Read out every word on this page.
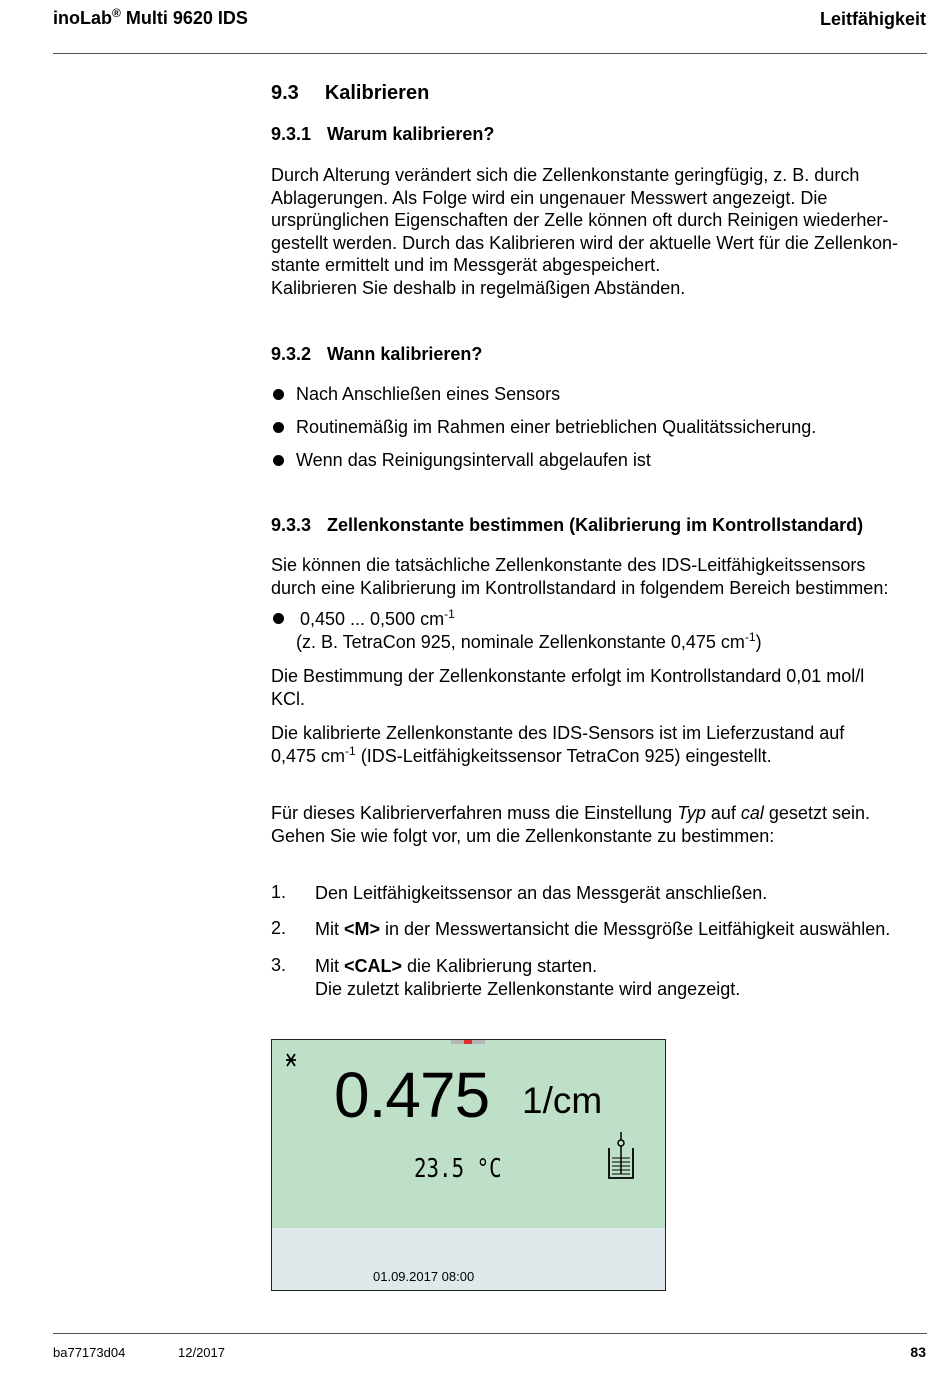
inoLab® Multi 9620 IDS	Leitfähigkeit
9.3 Kalibrieren
9.3.1 Warum kalibrieren?
Durch Alterung verändert sich die Zellenkonstante geringfügig, z. B. durch
Ablagerungen. Als Folge wird ein ungenauer Messwert angezeigt. Die
ursprünglichen Eigenschaften der Zelle können oft durch Reinigen wiederher-
gestellt werden. Durch das Kalibrieren wird der aktuelle Wert für die Zellenkon-
stante ermittelt und im Messgerät abgespeichert.
Kalibrieren Sie deshalb in regelmäßigen Abständen.
9.3.2 Wann kalibrieren?
Nach Anschließen eines Sensors
Routinemäßig im Rahmen einer betrieblichen Qualitätssicherung.
Wenn das Reinigungsintervall abgelaufen ist
9.3.3 Zellenkonstante bestimmen (Kalibrierung im Kontrollstandard)
Sie können die tatsächliche Zellenkonstante des IDS-Leitfähigkeitssensors
durch eine Kalibrierung im Kontrollstandard in folgendem Bereich bestimmen:
0,450 ... 0,500 $cm^{-1}$
(z. B. TetraCon 925, nominale Zellenkonstante 0,475 $cm^{-1}$)
Die Bestimmung der Zellenkonstante erfolgt im Kontrollstandard 0,01 mol/l
KCl.
Die kalibrierte Zellenkonstante des IDS-Sensors ist im Lieferzustand auf
0,475 $cm^{-1}$ (IDS-Leitfähigkeitssensor TetraCon 925) eingestellt.
Für dieses Kalibrierverfahren muss die Einstellung Typ auf cal gesetzt sein.
Gehen Sie wie folgt vor, um die Zellenkonstante zu bestimmen:
1. Den Leitfähigkeitssensor an das Messgerät anschließen.
2. Mit <M> in der Messwertansicht die Messgröße Leitfähigkeit auswählen.
3. Mit <CAL> die Kalibrierung starten.
Die zuletzt kalibrierte Zellenkonstante wird angezeigt.
0.475 1/cm
23.5 °C
01.09.2017 08:00
ba77173d04	12/2017	83
